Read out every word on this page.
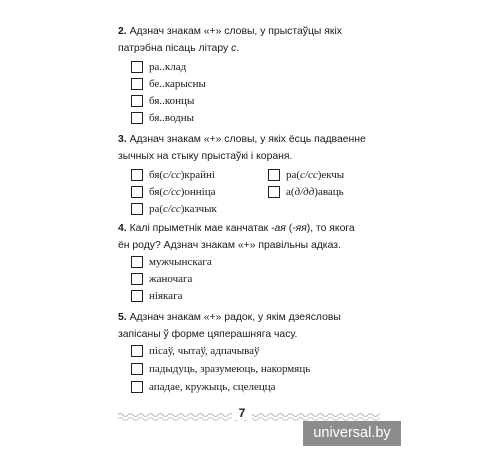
2. Адзнач знакам «+» словы, у прыстаўцы якіх
патрэбна пісаць літару с.
ра..клад
бе..карысны
бя..концы
бя..водны
3. Адзнач знакам «+» словы, у якіх ёсць падваенне
зычных на стыку прыстаўкі і кораня.
бя(с/сс)крайні	ра(с/сс)екчы
бя(с/сс)онніца	а(д/дд)аваць
ра(с/сс)казчык
4. Калі прыметнік мае канчатак -ая (-яя), то якога
ён роду? Адзнач знакам «+» правільны адказ.
мужчынскага
жаночага
ніякага
5. Адзнач знакам «+» радок, у якім дзеясловы
запісаны ў форме цяперашняга часу.
пісаў, чытаў, адпачываў
падыдуць, зразумеюць, накормяць
ападае, кружыць, сцелецца
7
universal.by
